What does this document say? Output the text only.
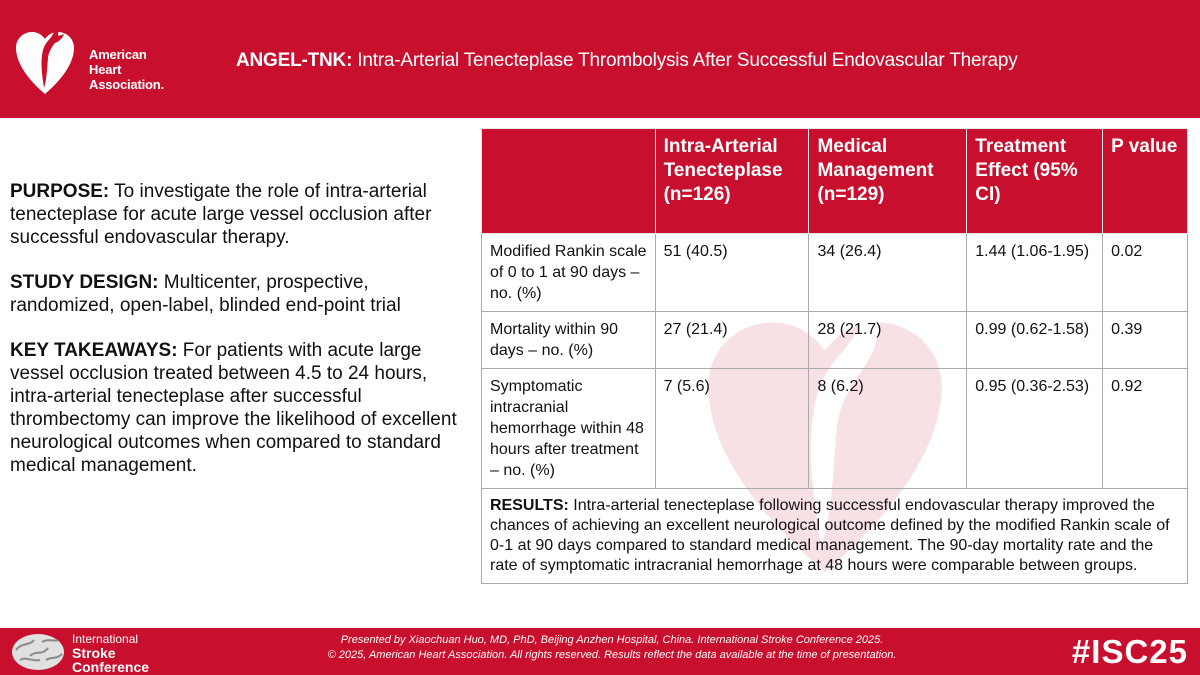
American
Heart
Association.
ANGEL-TNK: Intra-Arterial Tenecteplase Thrombolysis After Successful Endovascular Therapy

PURPOSE: To investigate the role of intra-arterial tenecteplase for acute large vessel occlusion after successful endovascular therapy.

STUDY DESIGN: Multicenter, prospective, randomized, open-label, blinded end-point trial

KEY TAKEAWAYS: For patients with acute large vessel occlusion treated between 4.5 to 24 hours, intra-arterial tenecteplase after successful thrombectomy can improve the likelihood of excellent neurological outcomes when compared to standard medical management.

	Intra-Arterial Tenecteplase (n=126)	Medical Management (n=129)	Treatment Effect (95% CI)	P value
Modified Rankin scale of 0 to 1 at 90 days – no. (%)	51 (40.5)	34 (26.4)	1.44 (1.06-1.95)	0.02
Mortality within 90 days – no. (%)	27 (21.4)	28 (21.7)	0.99 (0.62-1.58)	0.39
Symptomatic intracranial hemorrhage within 48 hours after treatment – no. (%)	7 (5.6)	8 (6.2)	0.95 (0.36-2.53)	0.92
RESULTS: Intra-arterial tenecteplase following successful endovascular therapy improved the chances of achieving an excellent neurological outcome defined by the modified Rankin scale of 0-1 at 90 days compared to standard medical management. The 90-day mortality rate and the rate of symptomatic intracranial hemorrhage at 48 hours were comparable between groups.				
International
Stroke
Conference
Presented by Xiaochuan Huo, MD, PhD, Beijing Anzhen Hospital, China. International Stroke Conference 2025.
© 2025, American Heart Association. All rights reserved. Results reflect the data available at the time of presentation.	#ISC25
